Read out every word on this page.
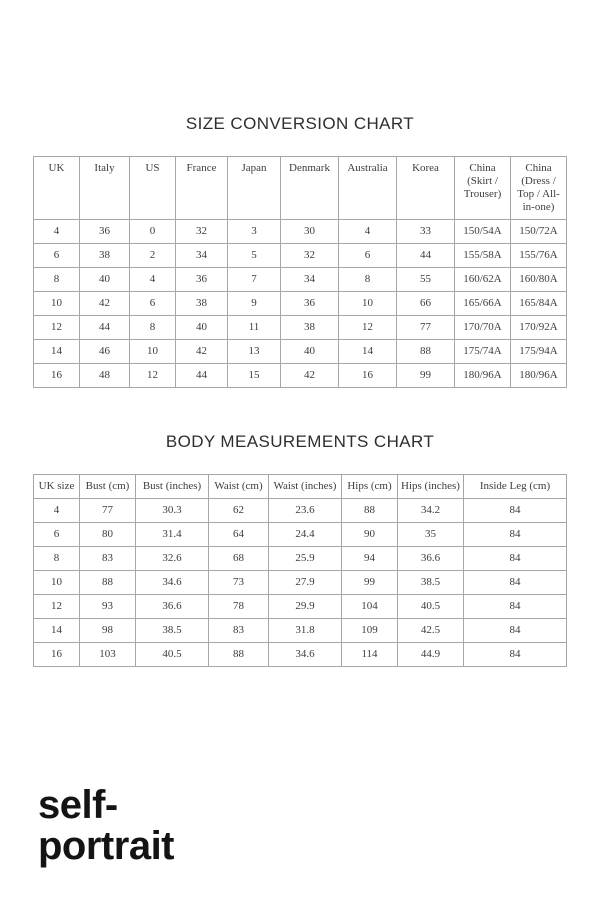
SIZE CONVERSION CHART
UK	Italy	US	France	Japan	Denmark	Australia	Korea	China (Skirt / Trouser)	China (Dress / Top / All-in-one)
4	36	0	32	3	30	4	33	150/54A	150/72A
6	38	2	34	5	32	6	44	155/58A	155/76A
8	40	4	36	7	34	8	55	160/62A	160/80A
10	42	6	38	9	36	10	66	165/66A	165/84A
12	44	8	40	11	38	12	77	170/70A	170/92A
14	46	10	42	13	40	14	88	175/74A	175/94A
16	48	12	44	15	42	16	99	180/96A	180/96A
BODY MEASUREMENTS CHART
UK size	Bust (cm)	Bust (inches)	Waist (cm)	Waist (inches)	Hips (cm)	Hips (inches)	Inside Leg (cm)
4	77	30.3	62	23.6	88	34.2	84
6	80	31.4	64	24.4	90	35	84
8	83	32.6	68	25.9	94	36.6	84
10	88	34.6	73	27.9	99	38.5	84
12	93	36.6	78	29.9	104	40.5	84
14	98	38.5	83	31.8	109	42.5	84
16	103	40.5	88	34.6	114	44.9	84
self-
portrait
